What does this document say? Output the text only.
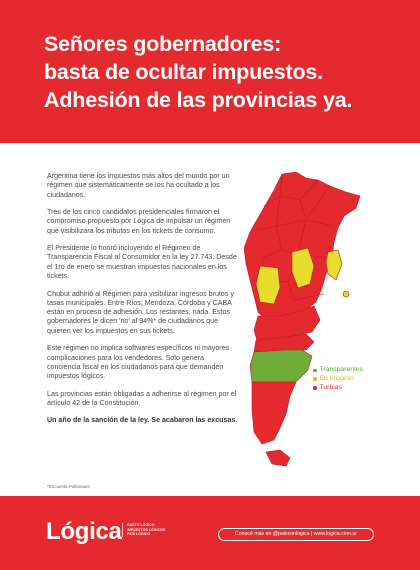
Señores gobernadores:
basta de ocultar impuestos.
Adhesión de las provincias ya.

Argentina tiene los impuestos más altos del mundo por un régimen que sistemáticamente se los ha ocultado a los ciudadanos.

Tres de los cinco candidatos presidenciales firmaron el compromiso propuesto por Lógica de impulsar un régimen que visibilizara los tributos en los tickets de consumo.

El Presidente lo honró incluyendo el Régimen de Transparencia Fiscal al Consumidor en la ley 27.743. Desde el 1ro de enero se muestran impuestos nacionales en los tickets.

Chubut adhirió al Régimen para visibilizar ingresos brutos y tasas municipales. Entre Ríos, Mendoza, Córdoba y CABA están en proceso de adhesión. Los restantes, nada. Estos gobernadores le dicen 'no' al 94%* de ciudadanos que quieren ver los impuestos en sus tickets.

Este régimen no implica softwares específicos ni mayores complicaciones para los vendedores. Solo genera conciencia fiscal en los ciudadanos para que demanden impuestos lógicos.

Las provincias están obligadas a adherirse al régimen por el artículo 42 de la Constitución.

Un año de la sanción de la ley. Se acabaron las excusas.

*Encuesta Pollanauts
Transparentes
En proceso
Turbias
Lógica GASTO LÓGICO
IMPUESTOS LÓGICOS
PAÍS LÓGICO	Conocé más en @paisconlogica | www.logica.com.ar
